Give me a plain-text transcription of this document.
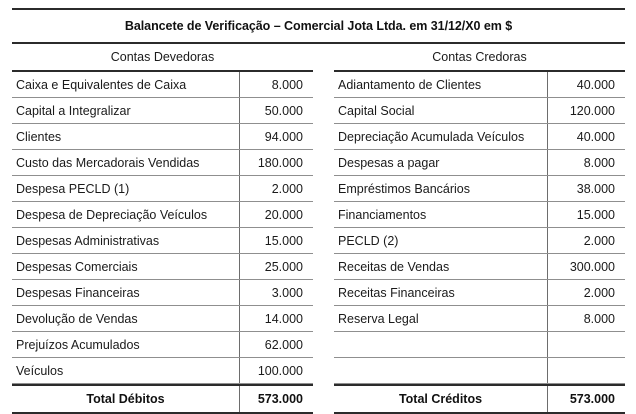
Balancete de Verificação – Comercial Jota Ltda. em 31/12/X0 em $
Contas Devedoras
Caixa e Equivalentes de Caixa	8.000
Capital a Integralizar	50.000
Clientes	94.000
Custo das Mercadorais Vendidas	180.000
Despesa PECLD (1)	2.000
Despesa de Depreciação Veículos	20.000
Despesas Administrativas	15.000
Despesas Comerciais	25.000
Despesas Financeiras	3.000
Devolução de Vendas	14.000
Prejuízos Acumulados	62.000
Veículos	100.000
Total Débitos	573.000
Contas Credoras
Adiantamento de Clientes	40.000
Capital Social	120.000
Depreciação Acumulada Veículos	40.000
Despesas a pagar	8.000
Empréstimos Bancários	38.000
Financiamentos	15.000
PECLD (2)	2.000
Receitas de Vendas	300.000
Receitas Financeiras	2.000
Reserva Legal	8.000
Total Créditos	573.000
